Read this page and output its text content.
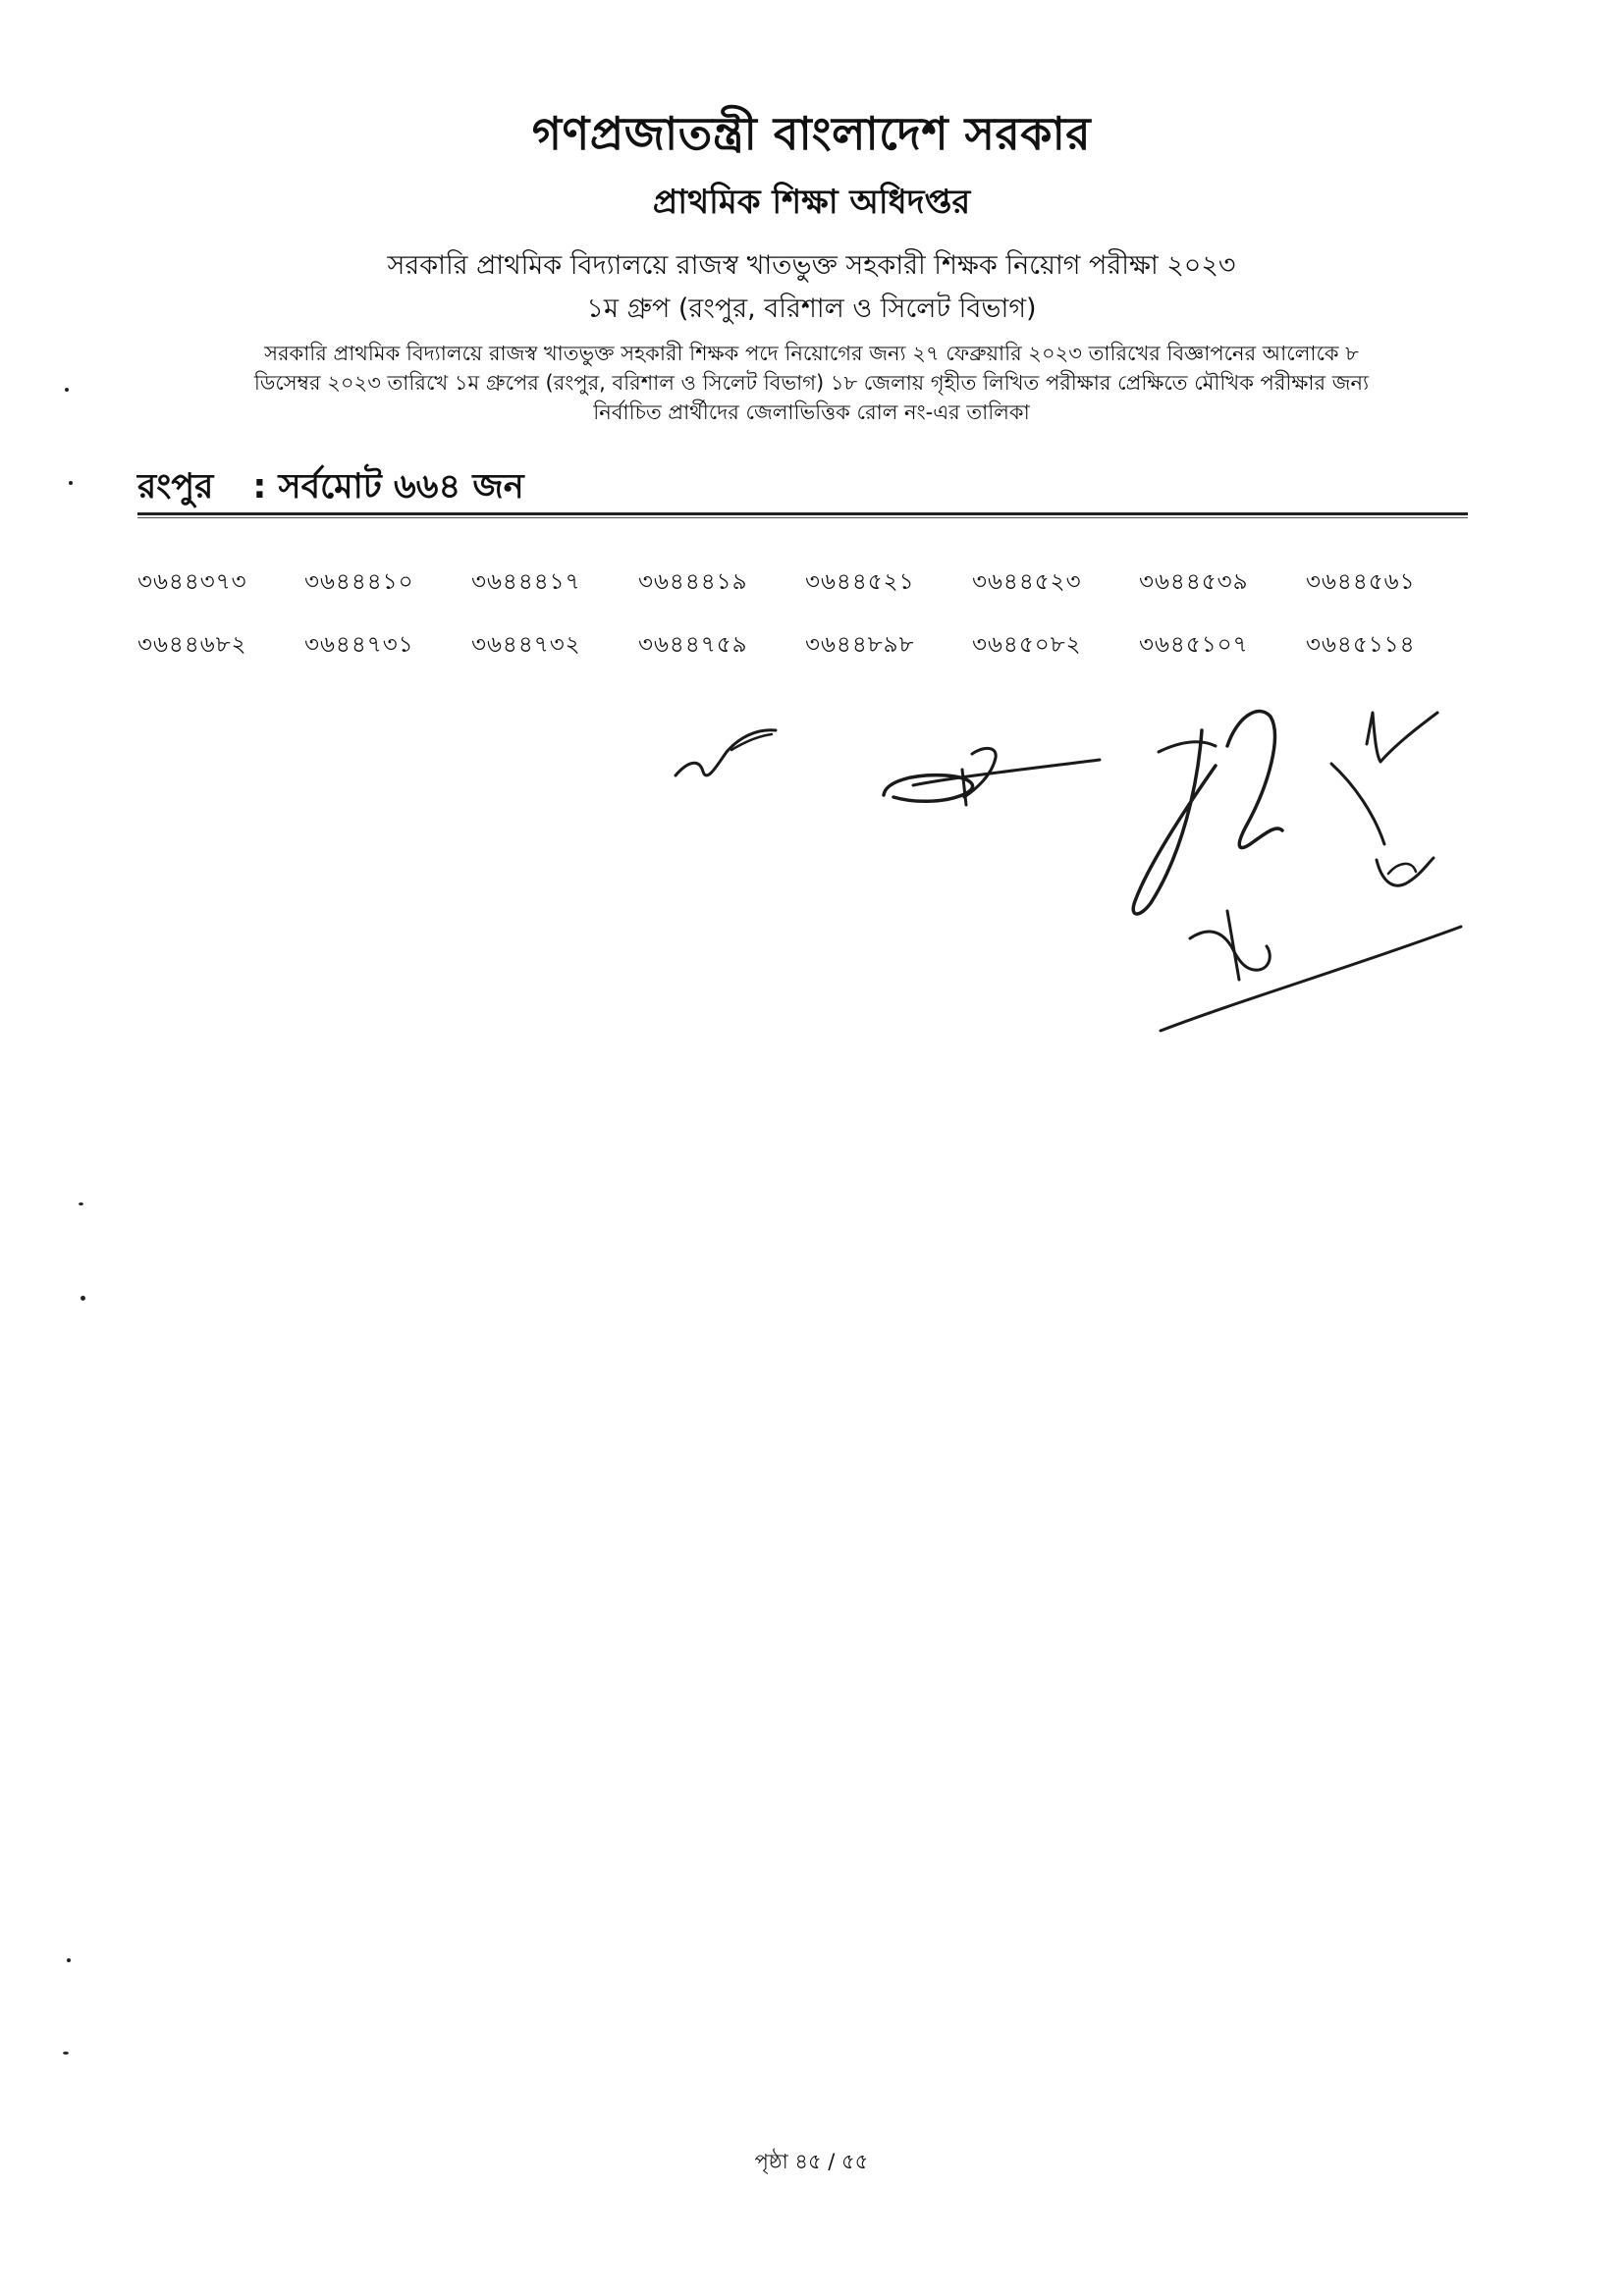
গণপ্রজাতন্ত্রী বাংলাদেশ সরকার
প্রাথমিক শিক্ষা অধিদপ্তর
সরকারি প্রাথমিক বিদ্যালয়ে রাজস্ব খাতভুক্ত সহকারী শিক্ষক নিয়োগ পরীক্ষা ২০২৩
১ম গ্রুপ (রংপুর, বরিশাল ও সিলেট বিভাগ)
সরকারি প্রাথমিক বিদ্যালয়ে রাজস্ব খাতভুক্ত সহকারী শিক্ষক পদে নিয়োগের জন্য ২৭ ফেব্রুয়ারি ২০২৩ তারিখের বিজ্ঞাপনের আলোকে ৮
ডিসেম্বর ২০২৩ তারিখে ১ম গ্রুপের (রংপুর, বরিশাল ও সিলেট বিভাগ) ১৮ জেলায় গৃহীত লিখিত পরীক্ষার প্রেক্ষিতে মৌখিক পরীক্ষার জন্য
নির্বাচিত প্রার্থীদের জেলাভিত্তিক রোল নং-এর তালিকা
রংপুর : সর্বমোট ৬৬৪ জন
৩৬৪৪৩৭৩	৩৬৪৪৪১০	৩৬৪৪৪১৭	৩৬৪৪৪১৯	৩৬৪৪৫২১	৩৬৪৪৫২৩	৩৬৪৪৫৩৯	৩৬৪৪৫৬১
৩৬৪৪৬৮২	৩৬৪৪৭৩১	৩৬৪৪৭৩২	৩৬৪৪৭৫৯	৩৬৪৪৮৯৮	৩৬৪৫০৮২	৩৬৪৫১০৭	৩৬৪৫১১৪
পৃষ্ঠা ৪৫ / ৫৫
